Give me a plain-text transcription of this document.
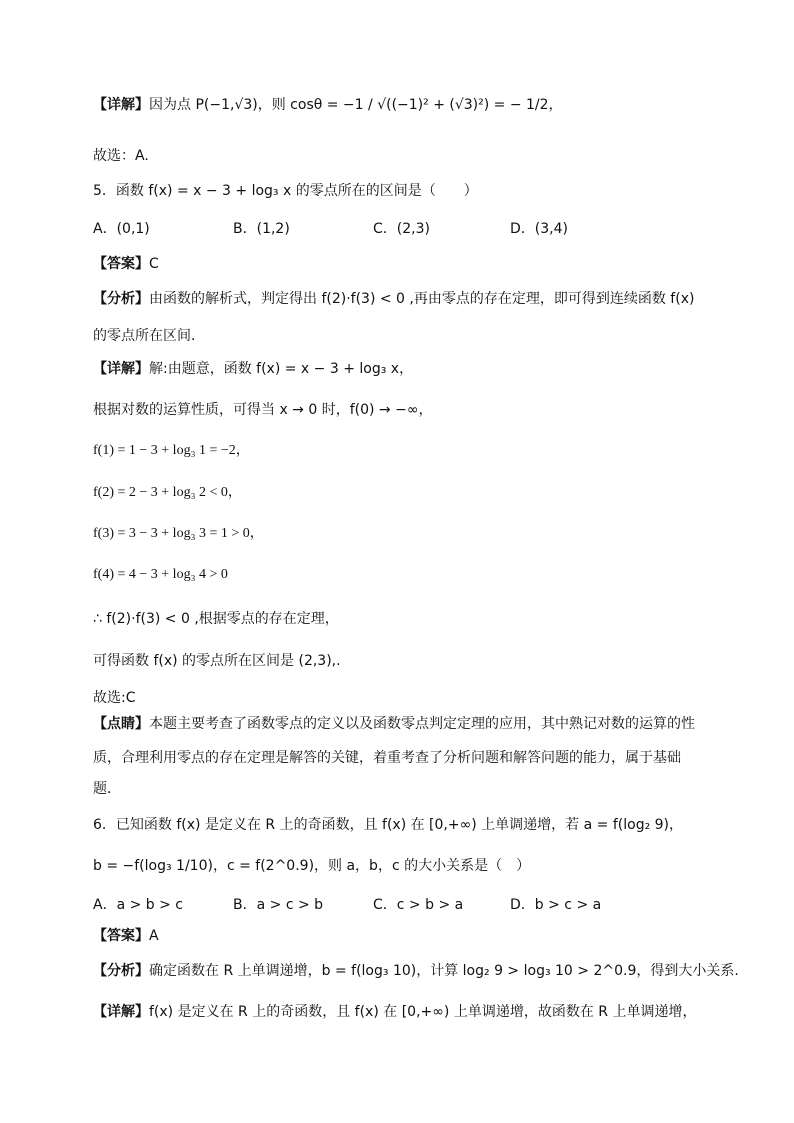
【详解】因为点 P(−1,√3)，则 cosθ = −1 / √((−1)² + (√3)²) = − 1/2，
故选：A.
5．函数 f(x) = x − 3 + log₃ x 的零点所在的区间是（　　）
A．(0,1)	B．(1,2)	C．(2,3)	D．(3,4)
【答案】C
【分析】由函数的解析式，判定得出 f(2)·f(3) < 0 ,再由零点的存在定理，即可得到连续函数 f(x)
的零点所在区间．
【详解】解:由题意，函数 f(x) = x − 3 + log₃ x，
根据对数的运算性质，可得当 x → 0 时，f(0) → −∞，
f(1) = 1 − 3 + log₃ 1 = −2，
f(2) = 2 − 3 + log₃ 2 < 0，
f(3) = 3 − 3 + log₃ 3 = 1 > 0，
f(4) = 4 − 3 + log₃ 4 > 0
∴ f(2)·f(3) < 0 ,根据零点的存在定理，
可得函数 f(x) 的零点所在区间是 (2,3),.
故选:C
【点睛】本题主要考查了函数零点的定义以及函数零点判定定理的应用，其中熟记对数的运算的性
质，合理利用零点的存在定理是解答的关键，着重考查了分析问题和解答问题的能力，属于基础
题．
6．已知函数 f(x) 是定义在 R 上的奇函数，且 f(x) 在 [0,+∞) 上单调递增，若 a = f(log₂ 9)，
b = −f(log₃ 1/10)，c = f(2^0.9)，则 a，b，c 的大小关系是（　）
A．a > b > c	B．a > c > b	C．c > b > a	D．b > c > a
【答案】A
【分析】确定函数在 R 上单调递增，b = f(log₃ 10)，计算 log₂ 9 > log₃ 10 > 2^0.9，得到大小关系.
【详解】f(x) 是定义在 R 上的奇函数，且 f(x) 在 [0,+∞) 上单调递增，故函数在 R 上单调递增，
